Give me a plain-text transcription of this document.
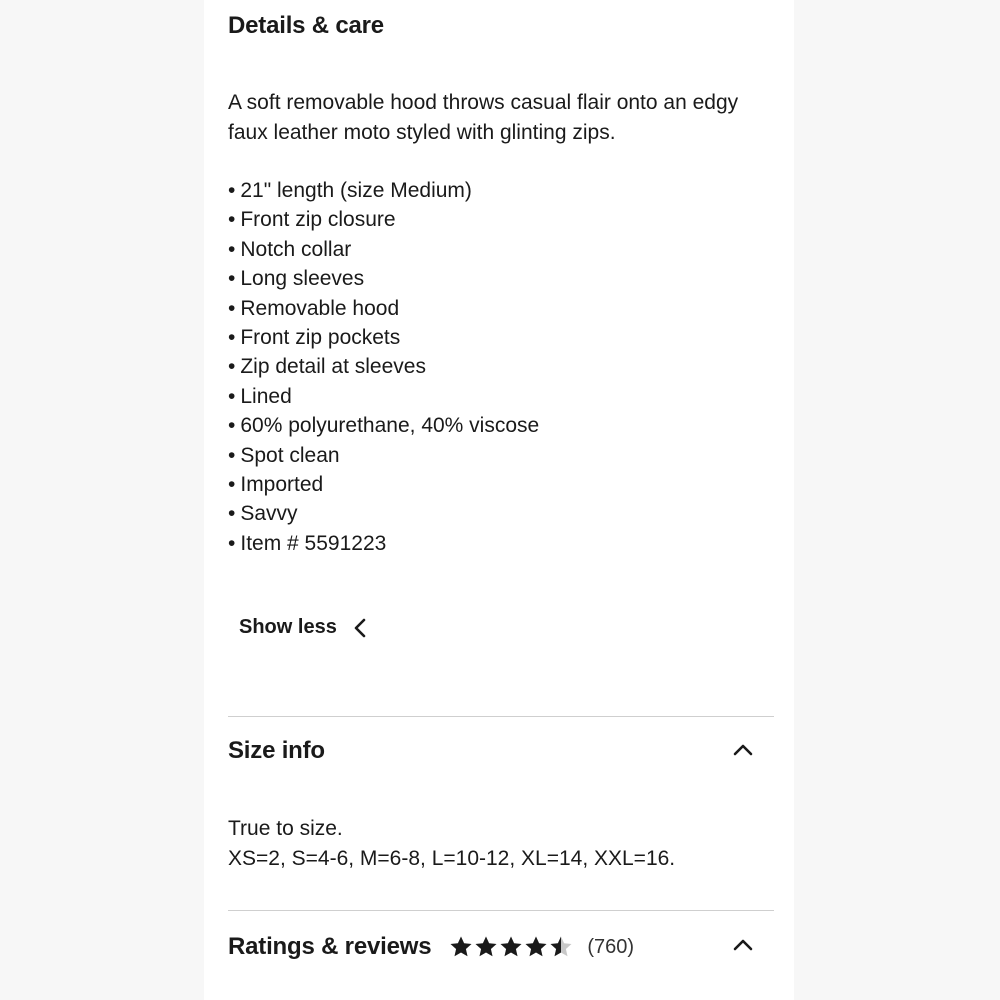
Details & care
A soft removable hood throws casual flair onto an edgy faux leather moto styled with glinting zips.
• 21" length (size Medium)
• Front zip closure
• Notch collar
• Long sleeves
• Removable hood
• Front zip pockets
• Zip detail at sleeves
• Lined
• 60% polyurethane, 40% viscose
• Spot clean
• Imported
• Savvy
• Item # 5591223
Show less
Size info
True to size.
XS=2, S=4-6, M=6-8, L=10-12, XL=14, XXL=16.
Ratings & reviews	(760)
